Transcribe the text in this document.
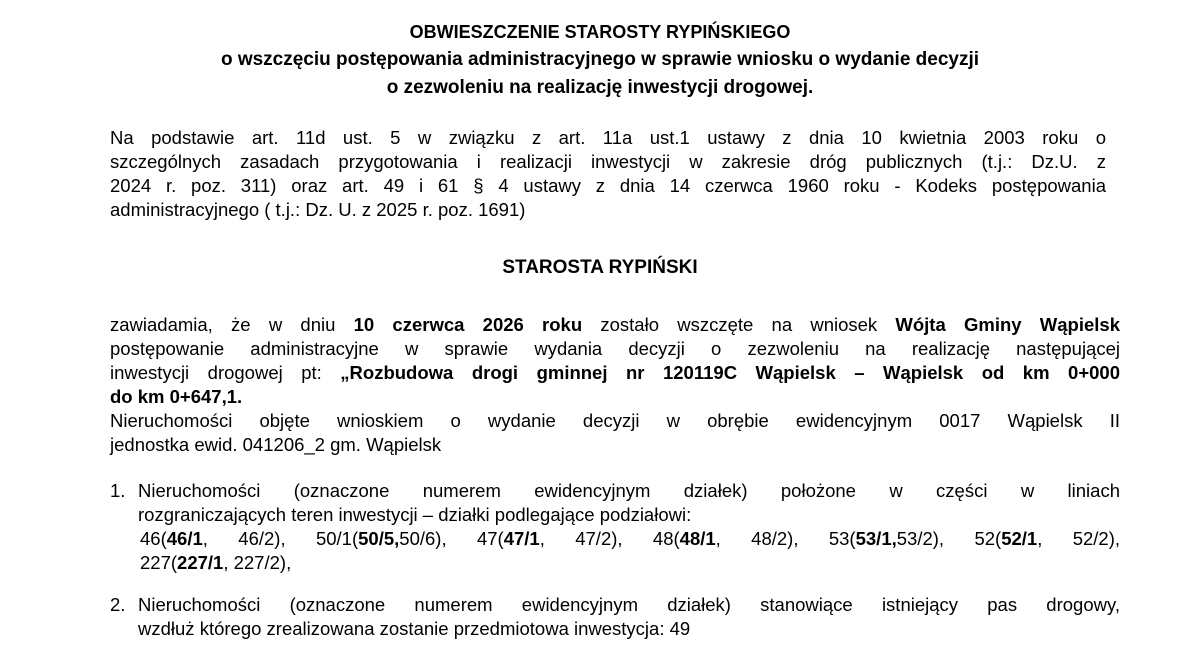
OBWIESZCZENIE STAROSTY RYPIŃSKIEGO
o wszczęciu postępowania administracyjnego w sprawie wniosku o wydanie decyzji
o zezwoleniu na realizację inwestycji drogowej.
Na podstawie art. 11d ust. 5 w związku z art. 11a ust.1 ustawy z dnia 10 kwietnia 2003 roku o
szczególnych zasadach przygotowania i realizacji inwestycji w zakresie dróg publicznych (t.j.: Dz.U. z
2024 r. poz. 311) oraz art. 49 i 61 § 4 ustawy z dnia 14 czerwca 1960 roku - Kodeks postępowania
administracyjnego ( t.j.: Dz. U. z 2025 r. poz. 1691)
STAROSTA RYPIŃSKI
zawiadamia, że w dniu 10 czerwca 2026 roku zostało wszczęte na wniosek Wójta Gminy Wąpielsk
postępowanie administracyjne w sprawie wydania decyzji o zezwoleniu na realizację następującej
inwestycji drogowej pt: „Rozbudowa drogi gminnej nr 120119C Wąpielsk – Wąpielsk od km 0+000
do km 0+647,1.
Nieruchomości objęte wnioskiem o wydanie decyzji w obrębie ewidencyjnym 0017 Wąpielsk II
jednostka ewid. 041206_2 gm. Wąpielsk
1. Nieruchomości (oznaczone numerem ewidencyjnym działek) położone w części w liniach
rozgraniczających teren inwestycji – działki podlegające podziałowi:
46(46/1, 46/2), 50/1(50/5,50/6), 47(47/1, 47/2), 48(48/1, 48/2), 53(53/1,53/2), 52(52/1, 52/2),
227(227/1, 227/2),
2. Nieruchomości (oznaczone numerem ewidencyjnym działek) stanowiące istniejący pas drogowy,
wzdłuż którego zrealizowana zostanie przedmiotowa inwestycja: 49
